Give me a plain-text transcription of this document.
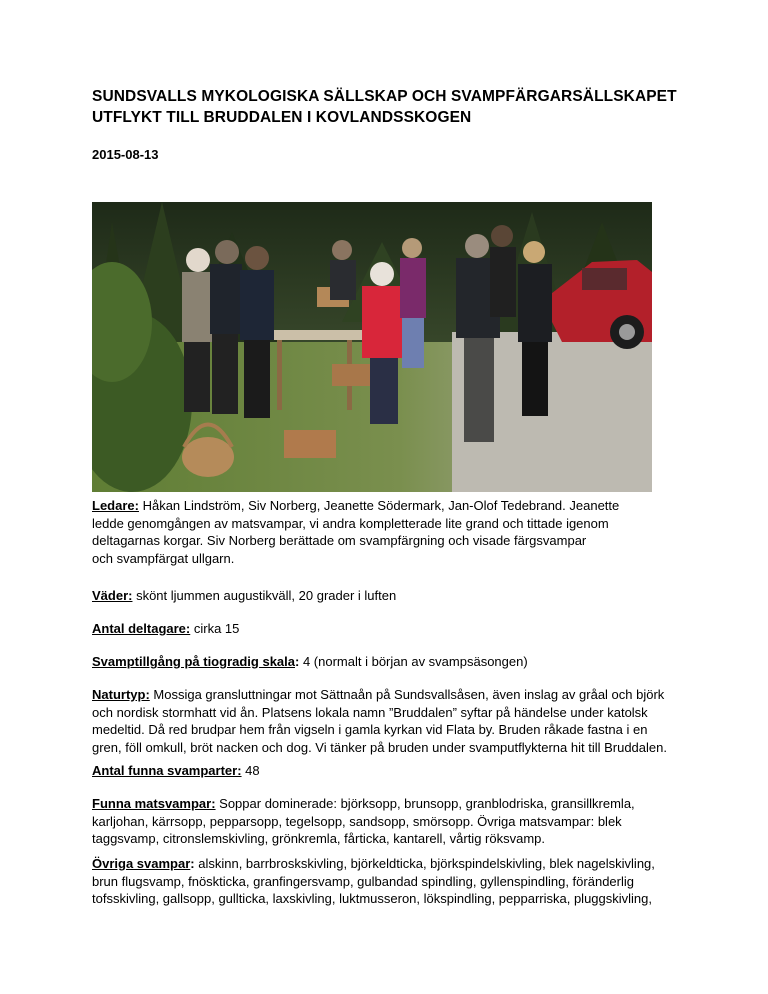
SUNDSVALLS MYKOLOGISKA SÄLLSKAP OCH SVAMPFÄRGARSÄLLSKAPET
UTFLYKT TILL BRUDDALEN I KOVLANDSSKOGEN
2015-08-13
Ledare: Håkan Lindström, Siv Norberg, Jeanette Södermark, Jan-Olof Tedebrand. Jeanette
ledde genomgången av matsvampar, vi andra kompletterade lite grand och tittade igenom
deltagarnas korgar. Siv Norberg berättade om svampfärgning och visade färgsvampar
och svampfärgat ullgarn.
Väder: skönt ljummen augustikväll, 20 grader i luften
Antal deltagare: cirka 15
Svamptillgång på tiogradig skala: 4 (normalt i början av svampsäsongen)
Naturtyp: Mossiga gransluttningar mot Sättnaån på Sundsvallsåsen, även inslag av gråal och björk
och nordisk stormhatt vid ån. Platsens lokala namn ”Bruddalen” syftar på händelse under katolsk
medeltid. Då red brudpar hem från vigseln i gamla kyrkan vid Flata by. Bruden råkade fastna i en
gren, föll omkull, bröt nacken och dog. Vi tänker på bruden under svamputflykterna hit till Bruddalen.
Antal funna svamparter: 48
Funna matsvampar: Soppar dominerade: björksopp, brunsopp, granblodriska, gransillkremla,
karljohan, kärrsopp, pepparsopp, tegelsopp, sandsopp, smörsopp. Övriga matsvampar: blek
taggsvamp, citronslemskivling, grönkremla, fårticka, kantarell, vårtig röksvamp.
Övriga svampar: alskinn, barrbroskskivling, björkeldticka, björkspindelskivling, blek nagelskivling,
brun flugsvamp, fnöskticka, granfingersvamp, gulbandad spindling, gyllenspindling, föränderlig
tofsskivling, gallsopp, gullticka, laxskivling, luktmusseron, lökspindling, pepparriska, pluggskivling,
